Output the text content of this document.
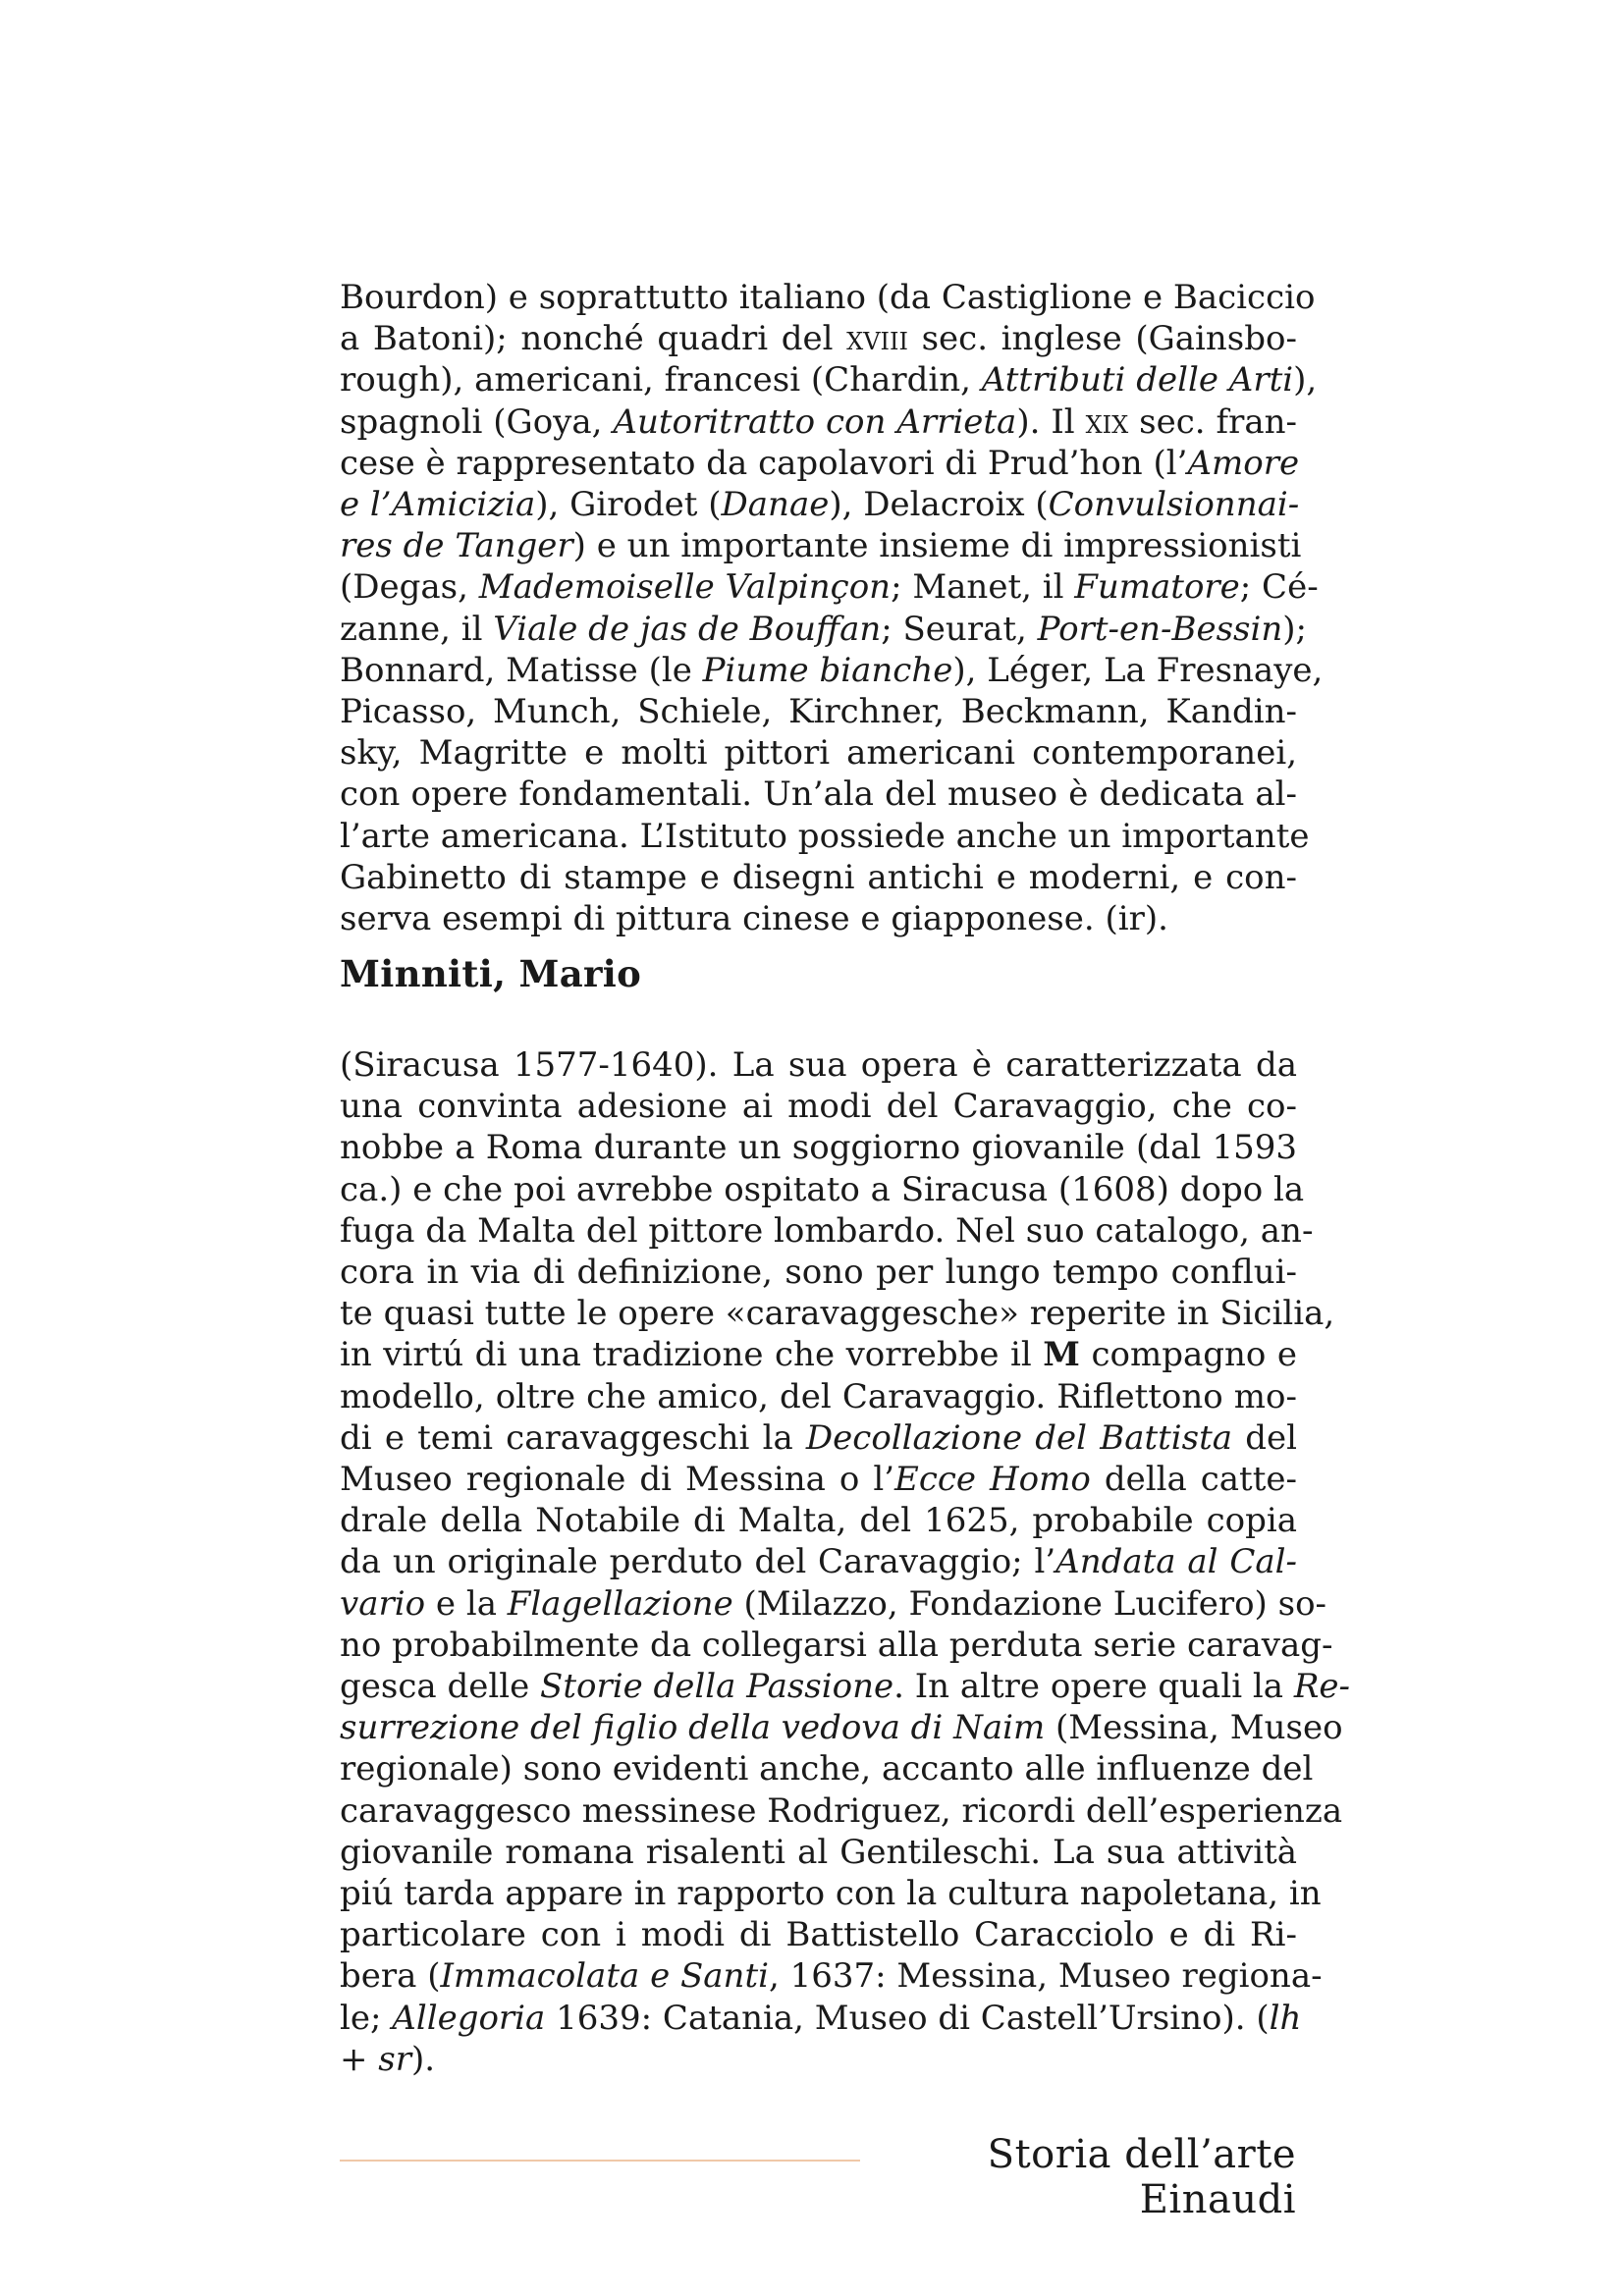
Bourdon) e soprattutto italiano (da Castiglione e Baciccio
a Batoni); nonché quadri del xviii sec. inglese (Gainsbo-
rough), americani, francesi (Chardin, Attributi delle Arti),
spagnoli (Goya, Autoritratto con Arrieta). Il xix sec. fran-
cese è rappresentato da capolavori di Prud’hon (l’Amore
e l’Amicizia), Girodet (Danae), Delacroix (Convulsionnai-
res de Tanger) e un importante insieme di impressionisti
(Degas, Mademoiselle Valpinçon; Manet, il Fumatore; Cé-
zanne, il Viale de jas de Bouffan; Seurat, Port-en-Bessin);
Bonnard, Matisse (le Piume bianche), Léger, La Fresnaye,
Picasso, Munch, Schiele, Kirchner, Beckmann, Kandin-
sky, Magritte e molti pittori americani contemporanei,
con opere fondamentali. Un’ala del museo è dedicata al-
l’arte americana. L’Istituto possiede anche un importante
Gabinetto di stampe e disegni antichi e moderni, e con-
serva esempi di pittura cinese e giapponese. (ir).
Minniti, Mario
(Siracusa 1577-1640). La sua opera è caratterizzata da
una convinta adesione ai modi del Caravaggio, che co-
nobbe a Roma durante un soggiorno giovanile (dal 1593
ca.) e che poi avrebbe ospitato a Siracusa (1608) dopo la
fuga da Malta del pittore lombardo. Nel suo catalogo, an-
cora in via di definizione, sono per lungo tempo conflui-
te quasi tutte le opere «caravaggesche» reperite in Sicilia,
in virtú di una tradizione che vorrebbe il M compagno e
modello, oltre che amico, del Caravaggio. Riflettono mo-
di e temi caravaggeschi la Decollazione del Battista del
Museo regionale di Messina o l’Ecce Homo della catte-
drale della Notabile di Malta, del 1625, probabile copia
da un originale perduto del Caravaggio; l’Andata al Cal-
vario e la Flagellazione (Milazzo, Fondazione Lucifero) so-
no probabilmente da collegarsi alla perduta serie caravag-
gesca delle Storie della Passione. In altre opere quali la Re-
surrezione del figlio della vedova di Naim (Messina, Museo
regionale) sono evidenti anche, accanto alle influenze del
caravaggesco messinese Rodriguez, ricordi dell’esperienza
giovanile romana risalenti al Gentileschi. La sua attività
piú tarda appare in rapporto con la cultura napoletana, in
particolare con i modi di Battistello Caracciolo e di Ri-
bera (Immacolata e Santi, 1637: Messina, Museo regiona-
le; Allegoria 1639: Catania, Museo di Castell’Ursino). (lh
+ sr).
Storia dell’arte Einaudi
